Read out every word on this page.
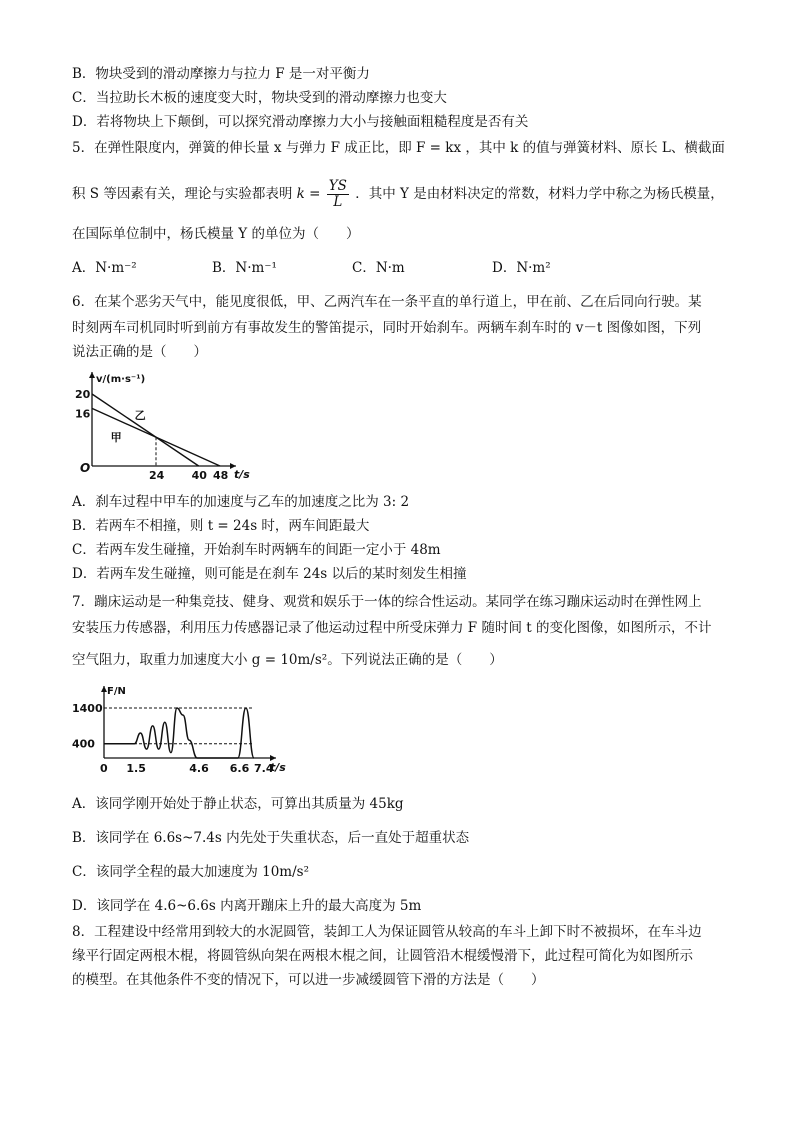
B．物块受到的滑动摩擦力与拉力 F 是一对平衡力
C．当拉助长木板的速度变大时，物块受到的滑动摩擦力也变大
D．若将物块上下颠倒，可以探究滑动摩擦力大小与接触面粗糙程度是否有关
5．在弹性限度内，弹簧的伸长量 x 与弹力 F 成正比，即 F = kx ，其中 k 的值与弹簧材料、原长 L、横截面
积 S 等因素有关，理论与实验都表明 $k = \frac{YS}{L}$ ．其中 Y 是由材料决定的常数，材料力学中称之为杨氏模量，
在国际单位制中，杨氏模量 Y 的单位为（　　）
A．N·m⁻²	B．N·m⁻¹	C．N·m	D．N·m²
6．在某个恶劣天气中，能见度很低，甲、乙两汽车在一条平直的单行道上，甲在前、乙在后同向行驶。某
时刻两车司机同时听到前方有事故发生的警笛提示，同时开始刹车。两辆车刹车时的 v－t 图像如图，下列
说法正确的是（　　）
v/(m·s⁻¹)
t/s
O
16
20
24 40 48
甲
乙
A．刹车过程中甲车的加速度与乙车的加速度之比为 3: 2
B．若两车不相撞，则 t = 24s 时，两车间距最大
C．若两车发生碰撞，开始刹车时两辆车的间距一定小于 48m
D．若两车发生碰撞，则可能是在刹车 24s 以后的某时刻发生相撞
7．蹦床运动是一种集竞技、健身、观赏和娱乐于一体的综合性运动。某同学在练习蹦床运动时在弹性网上
安装压力传感器，利用压力传感器记录了他运动过程中所受床弹力 F 随时间 t 的变化图像，如图所示，不计
空气阻力，取重力加速度大小 g = 10m/s²。下列说法正确的是（　　）
F/N
t/s
0
400
1400
1.5	4.6 6.6 7.4
A．该同学刚开始处于静止状态，可算出其质量为 45kg
B．该同学在 6.6s~7.4s 内先处于失重状态，后一直处于超重状态
C．该同学全程的最大加速度为 10m/s²
D．该同学在 4.6~6.6s 内离开蹦床上升的最大高度为 5m
8．工程建设中经常用到较大的水泥圆管，装卸工人为保证圆管从较高的车斗上卸下时不被损坏，在车斗边
缘平行固定两根木棍，将圆管纵向架在两根木棍之间，让圆管沿木棍缓慢滑下，此过程可简化为如图所示
的模型。在其他条件不变的情况下，可以进一步减缓圆管下滑的方法是（　　）
